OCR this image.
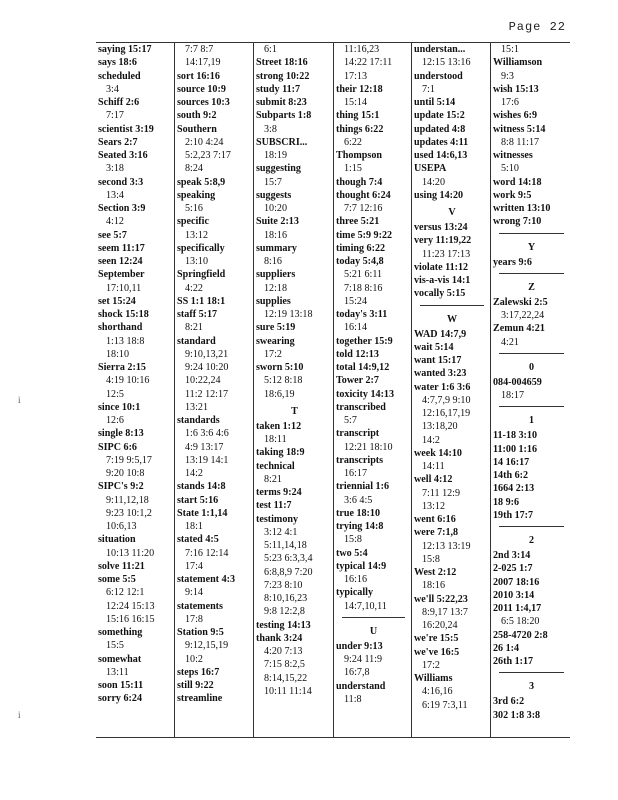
Page 22
i
i
saying 15:17
says 18:6
scheduled
3:4
Schiff 2:6
7:17
scientist 3:19
Sears 2:7
Seated 3:16
3:18
second 3:3
13:4
Section 3:9
4:12
see 5:7
seem 11:17
seen 12:24
September
17:10,11
set 15:24
shock 15:18
shorthand
1:13 18:8
18:10
Sierra 2:15
4:19 10:16
12:5
since 10:1
12:6
single 8:13
SIPC 6:6
7:19 9:5,17
9:20 10:8
SIPC's 9:2
9:11,12,18
9:23 10:1,2
10:6,13
situation
10:13 11:20
solve 11:21
some 5:5
6:12 12:1
12:24 15:13
15:16 16:15
something
15:5
somewhat
13:11
soon 15:11
sorry 6:24
7:7 8:7
14:17,19
sort 16:16
source 10:9
sources 10:3
south 9:2
Southern
2:10 4:24
5:2,23 7:17
8:24
speak 5:8,9
speaking
5:16
specific
13:12
specifically
13:10
Springfield
4:22
SS 1:1 18:1
staff 5:17
8:21
standard
9:10,13,21
9:24 10:20
10:22,24
11:2 12:17
13:21
standards
1:6 3:6 4:6
4:9 13:17
13:19 14:1
14:2
stands 14:8
start 5:16
State 1:1,14
18:1
stated 4:5
7:16 12:14
17:4
statement 4:3
9:14
statements
17:8
Station 9:5
9:12,15,19
10:2
steps 16:7
still 9:22
streamline
6:1
Street 18:16
strong 10:22
study 11:7
submit 8:23
Subparts 1:8
3:8
SUBSCRI...
18:19
suggesting
15:7
suggests
10:20
Suite 2:13
18:16
summary
8:16
suppliers
12:18
supplies
12:19 13:18
sure 5:19
swearing
17:2
sworn 5:10
5:12 8:18
18:6,19
T
taken 1:12
18:11
taking 18:9
technical
8:21
terms 9:24
test 11:7
testimony
3:12 4:1
5:11,14,18
5:23 6:3,3,4
6:8,8,9 7:20
7:23 8:10
8:10,16,23
9:8 12:2,8
testing 14:13
thank 3:24
4:20 7:13
7:15 8:2,5
8:14,15,22
10:11 11:14
11:16,23
14:22 17:11
17:13
their 12:18
15:14
thing 15:1
things 6:22
6:22
Thompson
1:15
though 7:4
thought 6:24
7:7 12:16
three 5:21
time 5:9 9:22
timing 6:22
today 5:4,8
5:21 6:11
7:18 8:16
15:24
today's 3:11
16:14
together 15:9
told 12:13
total 14:9,12
Tower 2:7
toxicity 14:13
transcribed
5:7
transcript
12:21 18:10
transcripts
16:17
triennial 1:6
3:6 4:5
true 18:10
trying 14:8
15:8
two 5:4
typical 14:9
16:16
typically
14:7,10,11
U
under 9:13
9:24 11:9
16:7,8
understand
11:8
understan...
12:15 13:16
understood
7:1
until 5:14
update 15:2
updated 4:8
updates 4:11
used 14:6,13
USEPA
14:20
using 14:20
V
versus 13:24
very 11:19,22
11:23 17:13
violate 11:12
vis-a-vis 14:1
vocally 5:15
W
WAD 14:7,9
wait 5:14
want 15:17
wanted 3:23
water 1:6 3:6
4:7,7,9 9:10
12:16,17,19
13:18,20
14:2
week 14:10
14:11
well 4:12
7:11 12:9
13:12
went 6:16
were 7:1,8
12:13 13:19
15:8
West 2:12
18:16
we'll 5:22,23
8:9,17 13:7
16:20,24
we're 15:5
we've 16:5
17:2
Williams
4:16,16
6:19 7:3,11
15:1
Williamson
9:3
wish 15:13
17:6
wishes 6:9
witness 5:14
8:8 11:17
witnesses
5:10
word 14:18
work 9:5
written 13:10
wrong 7:10
Y
years 9:6
Z
Zalewski 2:5
3:17,22,24
Zemun 4:21
4:21
0
084-004659
18:17
1
11-18 3:10
11:00 1:16
14 16:17
14th 6:2
1664 2:13
18 9:6
19th 17:7
2
2nd 3:14
2-025 1:7
2007 18:16
2010 3:14
2011 1:4,17
6:5 18:20
258-4720 2:8
26 1:4
26th 1:17
3
3rd 6:2
302 1:8 3:8
